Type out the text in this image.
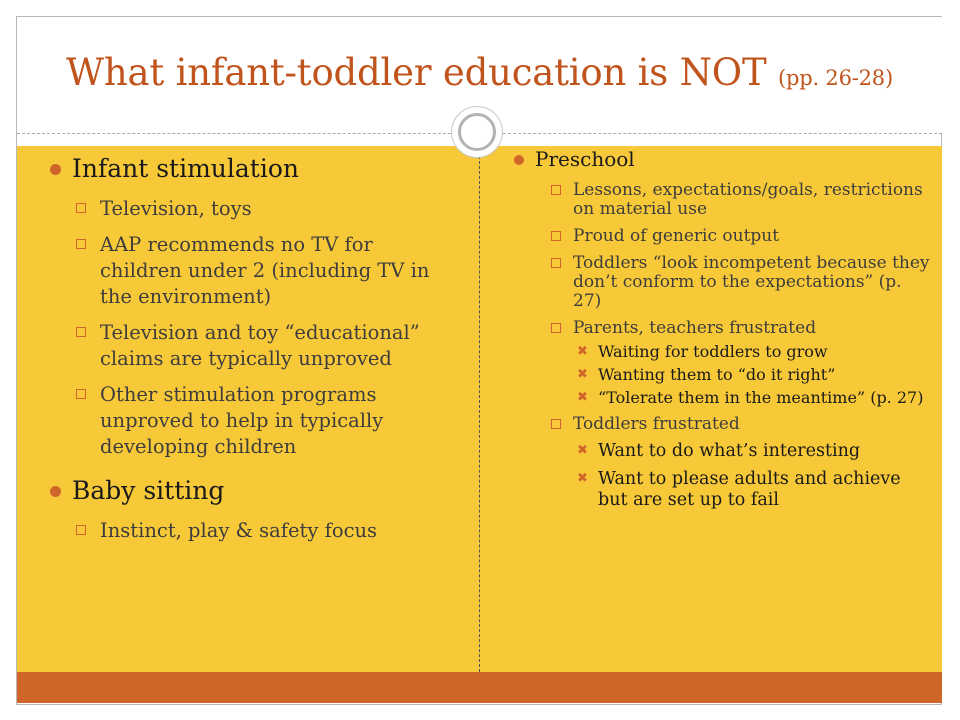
What infant-toddler education is NOT (pp. 26-28)
Infant stimulation
Television, toys
AAP recommends no TV for children under 2 (including TV in the environment)
Television and toy “educational” claims are typically unproved
Other stimulation programs unproved to help in typically developing children
Baby sitting
Instinct, play & safety focus
Preschool
Lessons, expectations/goals, restrictions on material use
Proud of generic output
Toddlers “look incompetent because they don’t conform to the expectations” (p. 27)
Parents, teachers frustrated
✖ Waiting for toddlers to grow
✖ Wanting them to “do it right”
✖ “Tolerate them in the meantime” (p. 27)
Toddlers frustrated
✖ Want to do what’s interesting
✖ Want to please adults and achieve but are set up to fail
